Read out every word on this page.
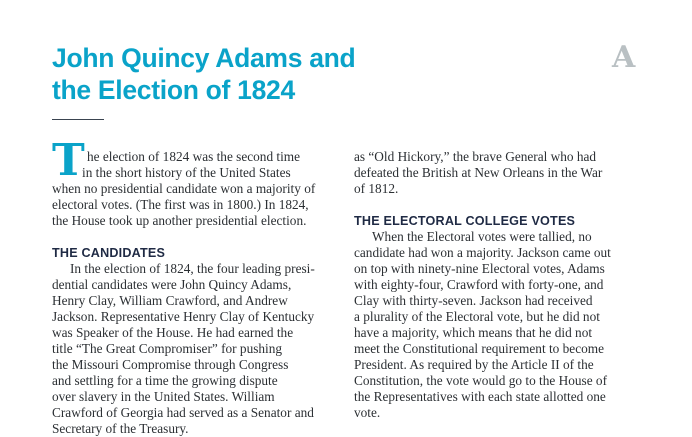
John Quincy Adams and
the Election of 1824
A
T he election of 1824 was the second time
in the short history of the United States
when no presidential candidate won a majority of
electoral votes. (The first was in 1800.) In 1824,
the House took up another presidential election.
THE CANDIDATES
In the election of 1824, the four leading presi-
dential candidates were John Quincy Adams,
Henry Clay, William Crawford, and Andrew
Jackson. Representative Henry Clay of Kentucky
was Speaker of the House. He had earned the
title “The Great Compromiser” for pushing
the Missouri Compromise through Congress
and settling for a time the growing dispute
over slavery in the United States. William
Crawford of Georgia had served as a Senator and
Secretary of the Treasury.
as “Old Hickory,” the brave General who had
defeated the British at New Orleans in the War
of 1812.
THE ELECTORAL COLLEGE VOTES
When the Electoral votes were tallied, no
candidate had won a majority. Jackson came out
on top with ninety-nine Electoral votes, Adams
with eighty-four, Crawford with forty-one, and
Clay with thirty-seven. Jackson had received
a plurality of the Electoral vote, but he did not
have a majority, which means that he did not
meet the Constitutional requirement to become
President. As required by the Article II of the
Constitution, the vote would go to the House of
the Representatives with each state allotted one
vote.
